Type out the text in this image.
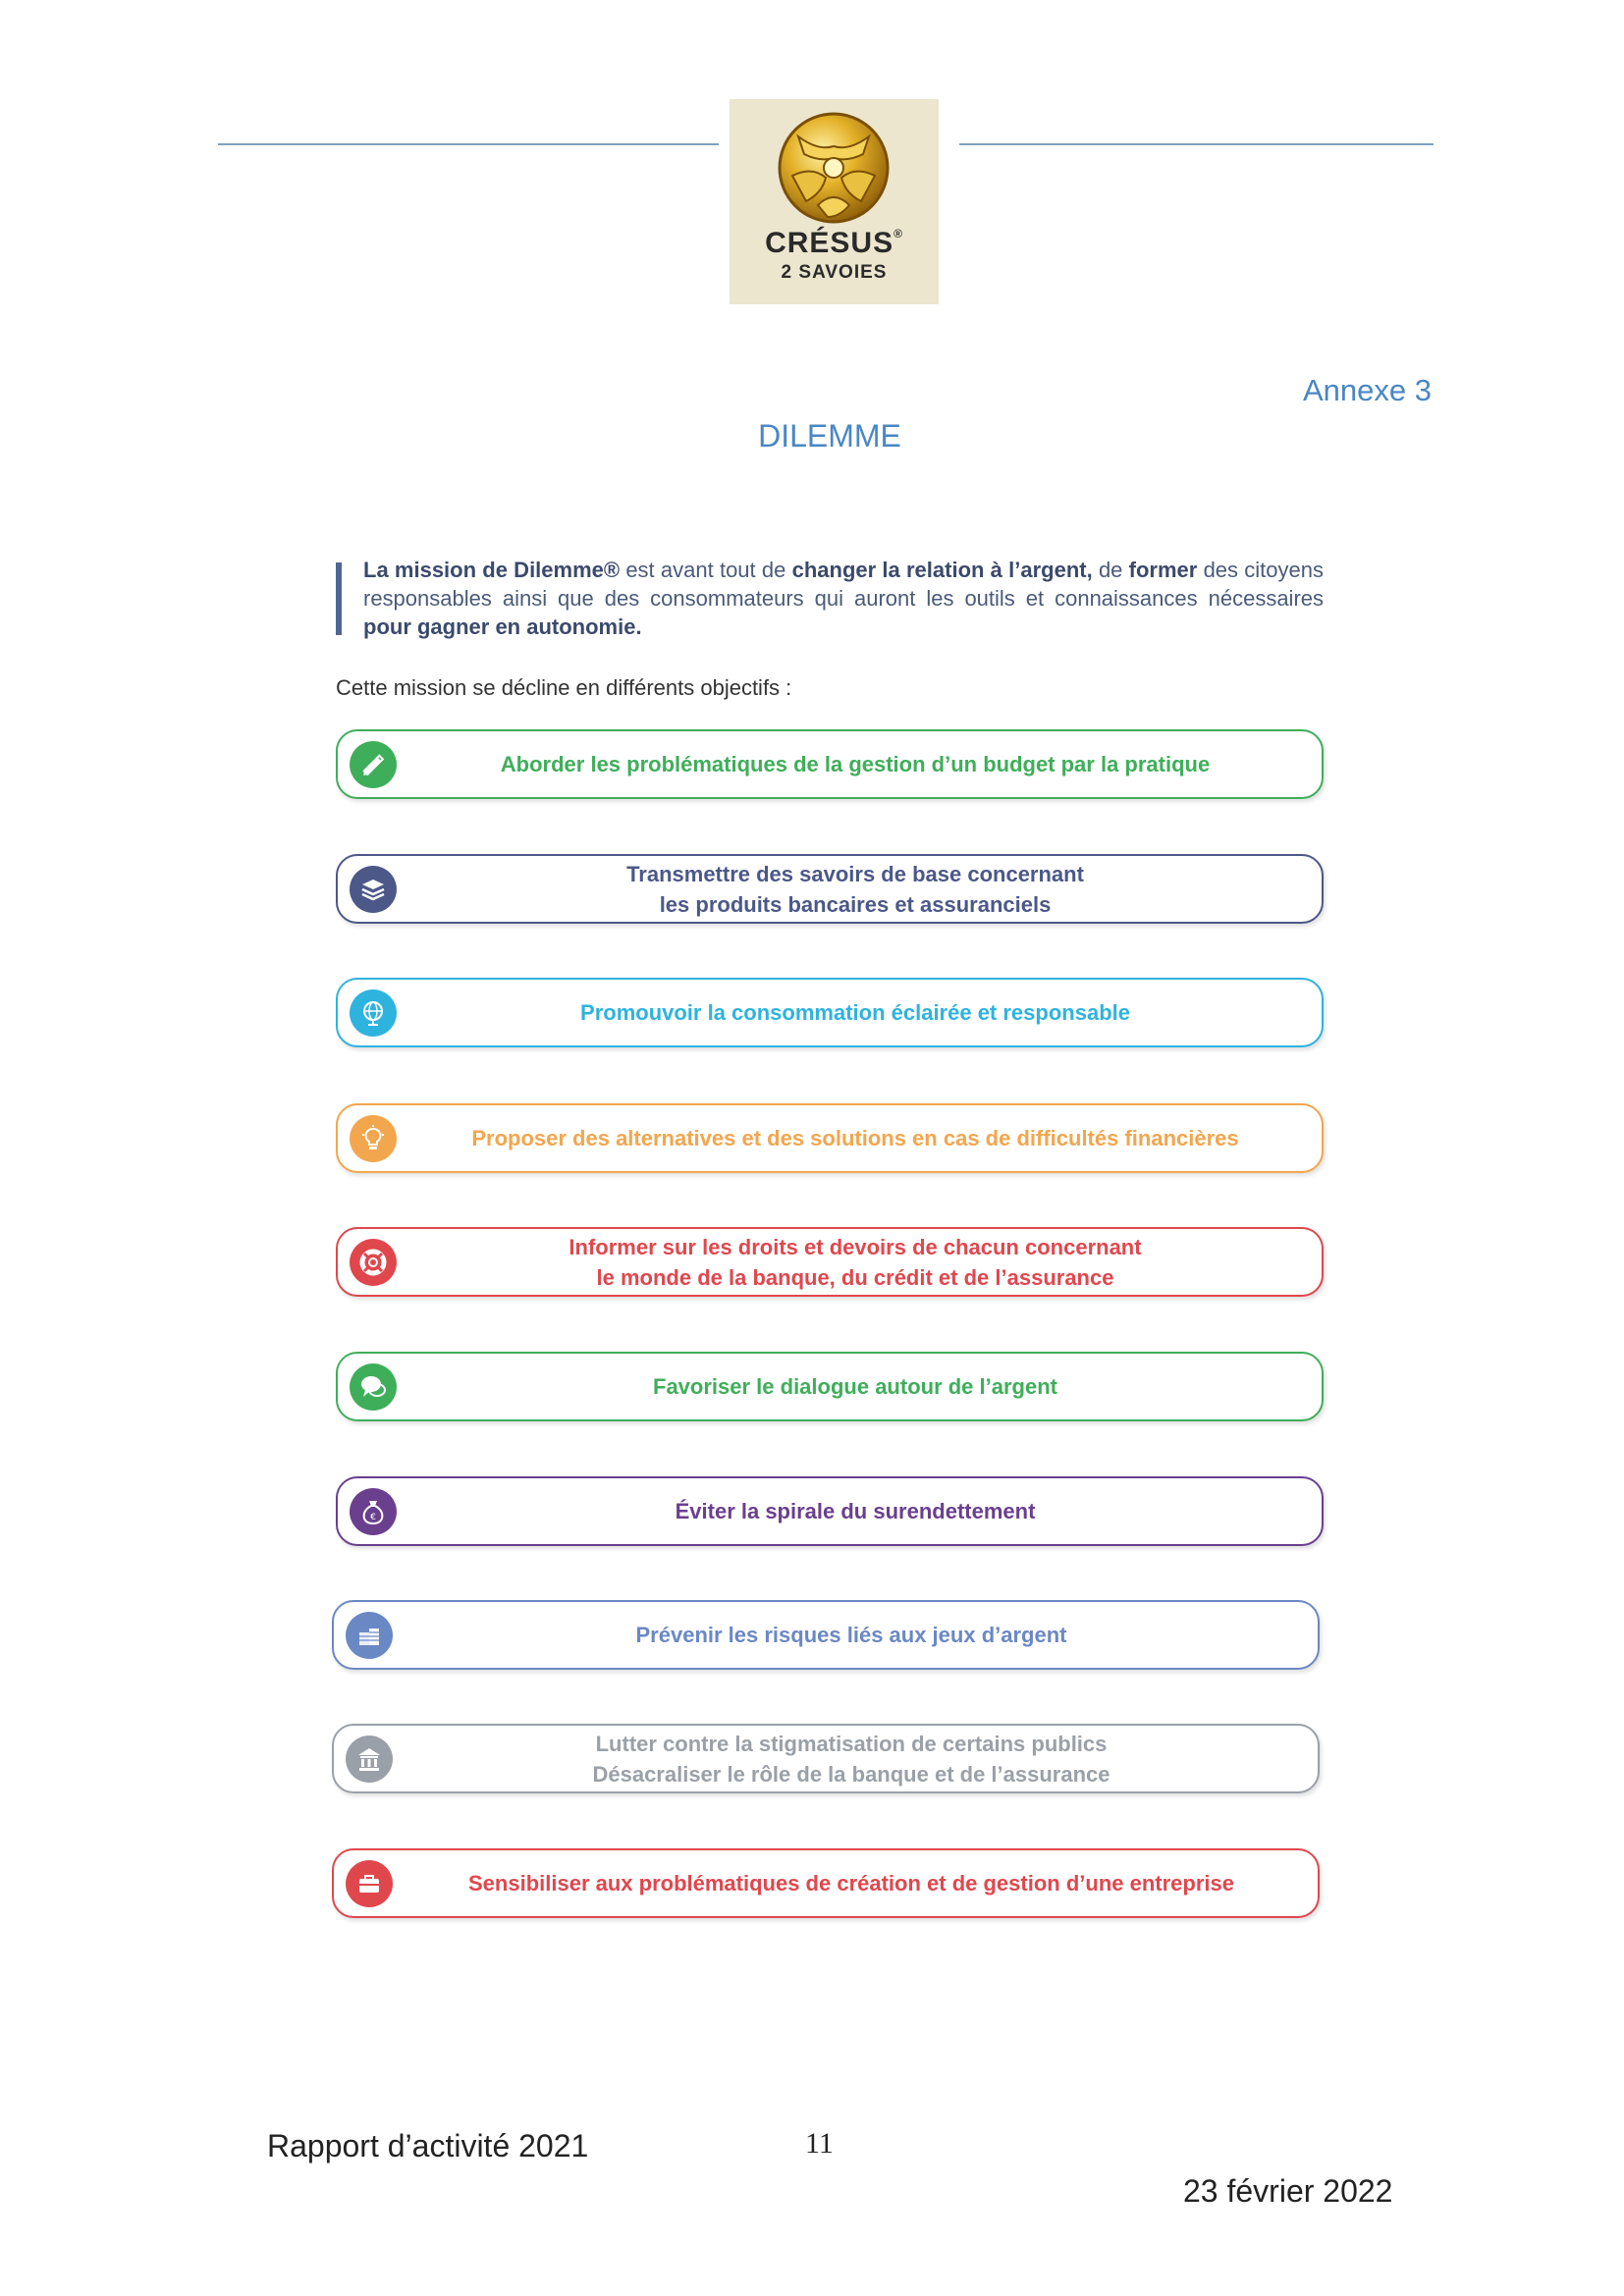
CRÉSUS®
2 SAVOIES
Annexe 3
DILEMME
La mission de Dilemme® est avant tout de changer la relation à l’argent, de former des citoyens responsables ainsi que des consommateurs qui auront les outils et connaissances nécessaires pour gagner en autonomie.
Cette mission se décline en différents objectifs :
Aborder les problématiques de la gestion d’un budget par la pratique
Transmettre des savoirs de base concernant
les produits bancaires et assuranciels
Promouvoir la consommation éclairée et responsable
Proposer des alternatives et des solutions en cas de difficultés financières
Informer sur les droits et devoirs de chacun concernant
le monde de la banque, du crédit et de l’assurance
Favoriser le dialogue autour de l’argent
€	Éviter la spirale du surendettement
Prévenir les risques liés aux jeux d’argent
Lutter contre la stigmatisation de certains publics
Désacraliser le rôle de la banque et de l’assurance
Sensibiliser aux problématiques de création et de gestion d’une entreprise
Rapport d’activité 2021	11
23 février 2022
